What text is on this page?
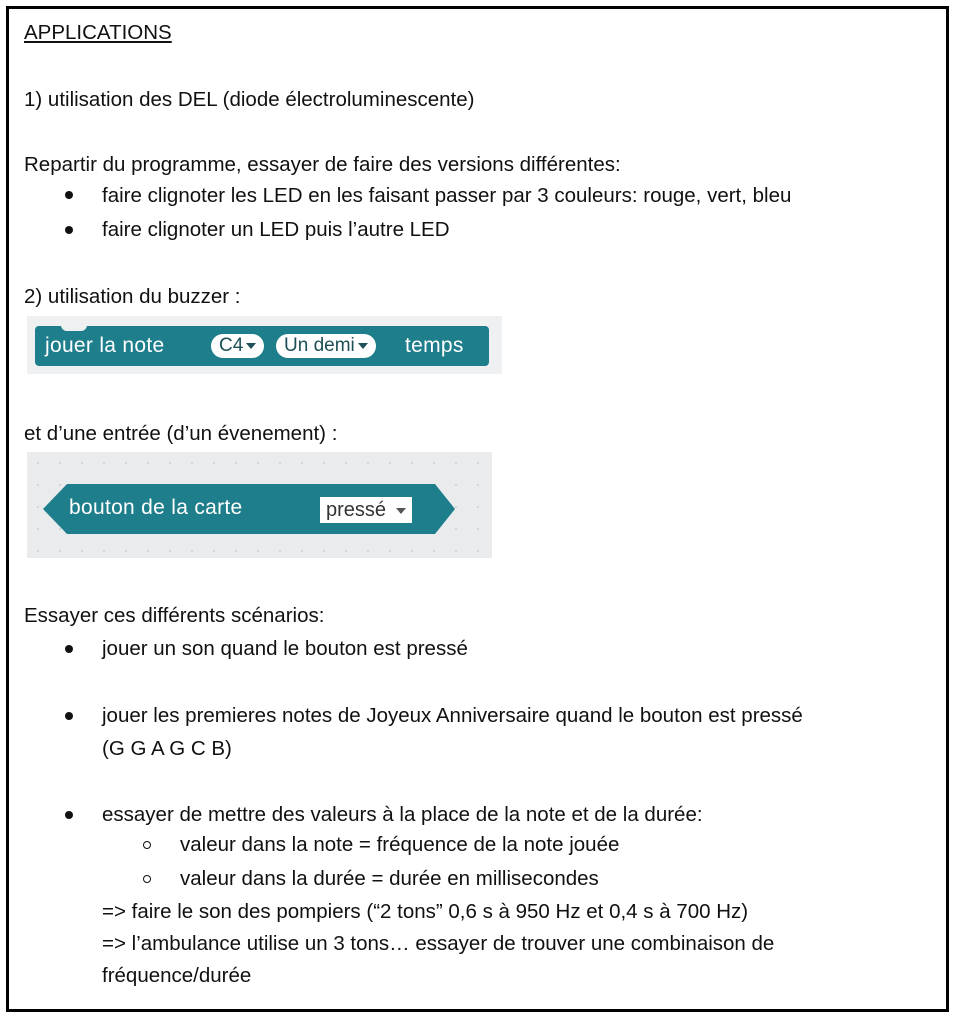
APPLICATIONS
1) utilisation des DEL (diode électroluminescente)
Repartir du programme, essayer de faire des versions différentes:
faire clignoter les LED en les faisant passer par 3 couleurs: rouge, vert, bleu
faire clignoter un LED puis l’autre LED
2) utilisation du buzzer :
jouer la note	C4	Un demi	temps
et d’une entrée (d’un évenement) :
bouton de la carte	pressé
Essayer ces différents scénarios:
jouer un son quand le bouton est pressé
jouer les premieres notes de Joyeux Anniversaire quand le bouton est pressé
(G G A G C B)
essayer de mettre des valeurs à la place de la note et de la durée:
valeur dans la note = fréquence de la note jouée
valeur dans la durée = durée en millisecondes
=> faire le son des pompiers (“2 tons” 0,6 s à 950 Hz et 0,4 s à 700 Hz)
=> l’ambulance utilise un 3 tons… essayer de trouver une combinaison de
fréquence/durée
